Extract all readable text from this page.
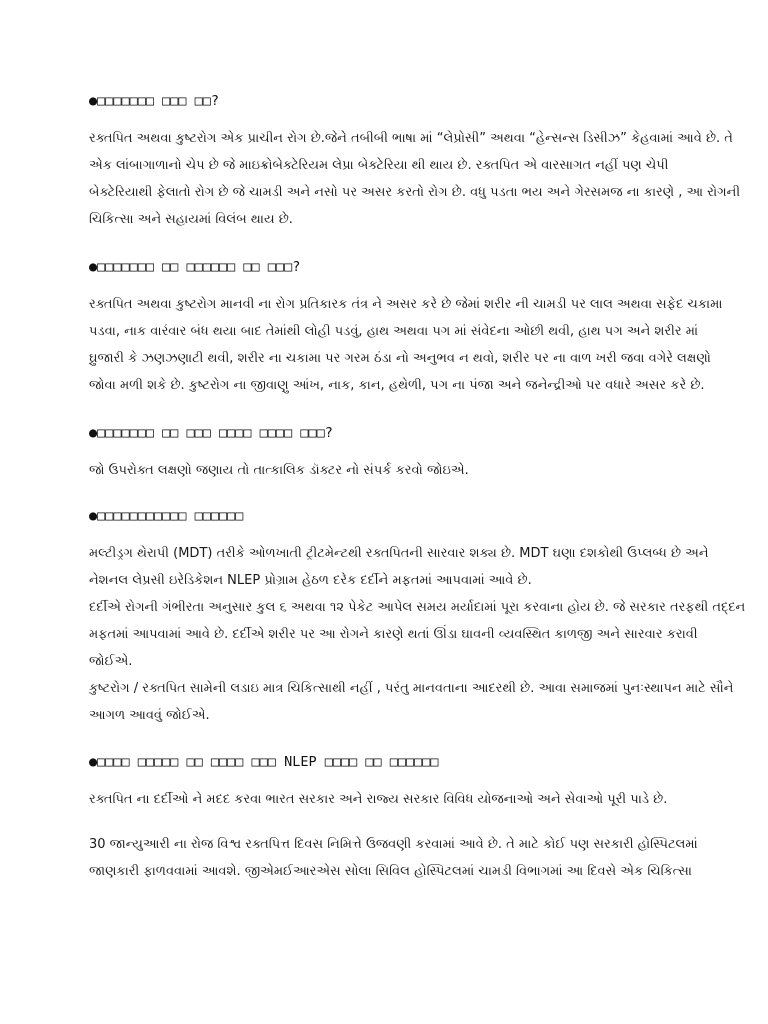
●□□□□□□□ □□□ □□?
રક્તપિત અથવા કુષ્ટરોગ એક પ્રાચીન રોગ છે.જેને તબીબી ભાષા માં “લેપ્રોસી” અથવા “હેન્સન્સ ડિસીઝ” કેહવામાં આવે છે. તે
એક લાંબાગાળાનો ચેપ છે જે માઇક્રોબેક્ટેરિયમ લેપ્રા બેક્ટેરિયા થી થાય છે. રક્તપિત એ વારસાગત નહીં પણ ચેપી
બેક્ટેરિયાથી ફેલાતો રોગ છે જે ચામડી અને નસો પર અસર કરતો રોગ છે. વધુ પડતા ભય અને ગેરસમજ ના કારણે , આ રોગની
ચિકિત્સા અને સહાયમાં વિલંબ થાય છે.
●□□□□□□□ □□ □□□□□□ □□ □□□?
રક્તપિત અથવા કુષ્ટરોગ માનવી ના રોગ પ્રતિકારક તંત્ર ને અસર કરે છે જેમાં શરીર ની ચામડી પર લાલ અથવા સફેદ ચકામા
પડવા, નાક વારંવાર બંધ થયા બાદ તેમાંથી લોહી પડવું, હાથ અથવા પગ માં સંવેદના ઓછી થવી, હાથ પગ અને શરીર માં
ઘ્રુજારી કે ઝણઝણાટી થવી, શરીર ના ચકામા પર ગરમ ઠંડા નો અનુભવ ન થવો, શરીર પર ના વાળ ખરી જવા વગેરે લક્ષણો
જોવા મળી શકે છે. કુષ્ટરોગ ના જીવાણુ આંખ, નાક, કાન, હથેળી, પગ ના પંજા અને જનેન્દ્રીઓ પર વધારે અસર કરે છે.
●□□□□□□□ □□ □□□ □□□□ □□□□ □□□?
જો ઉપરોક્ત લક્ષણો જણાય તો તાત્કાલિક ડૉક્ટર નો સંપર્ક કરવો જોઇએ.
●□□□□□□□□□□□ □□□□□□
મલ્ટીડ્રગ થેરાપી (MDT) તરીકે ઓળખાતી ટ્રીટમેન્ટથી રક્તપિતની સારવાર શક્ય છે. MDT ઘણા દશકોથી ઉપ્લબ્ધ છે અને
નેશનલ લેપ્રસી ઇરેડિકેશન NLEP પ્રોગ્રામ હેઠળ દરેક દર્દીને મફતમાં આપવામાં આવે છે.
દર્દીએ રોગની ગંભીરતા અનુસાર કુલ ૬ અથવા ૧૨ પેકેટ આપેલ સમય મર્યાદામાં પૂરા કરવાના હોય છે. જે સરકાર તરફથી તદ્દન
મફતમાં આપવામાં આવે છે. દર્દીએ શરીર પર આ રોગને કારણે થતાં ઊંડા ઘાવની વ્યવસ્થિત કાળજી અને સારવાર કરાવી
જોઈએ.
કુષ્ટરોગ / રક્તપિત સામેની લડાઇ માત્ર ચિકિત્સાથી નહીં , પરંતુ માનવતાના આદરથી છે. આવા સમાજમાં પુનઃસ્થાપન માટે સૌને
આગળ આવવું જોઈએ.
●□□□□ □□□□□ □□ □□□□ □□□ NLEP □□□□ □□ □□□□□□
રક્તપિત ના દર્દીઓ ને મદદ કરવા ભારત સરકાર અને રાજ્ય સરકાર વિવિધ યોજનાઓ અને સેવાઓ પૂરી પાડે છે.
30 જાન્યુઆરી ના રોજ વિશ્વ રક્તપિત્ત દિવસ નિમિત્તે ઉજવણી કરવામાં આવે છે. તે માટે કોઈ પણ સરકારી હોસ્પિટલમાં
જાણકારી ફાળવવામાં આવશે. જીએમઈઆરએસ સોલા સિવિલ હોસ્પિટલમાં ચામડી વિભાગમાં આ દિવસે એક ચિકિત્સા
